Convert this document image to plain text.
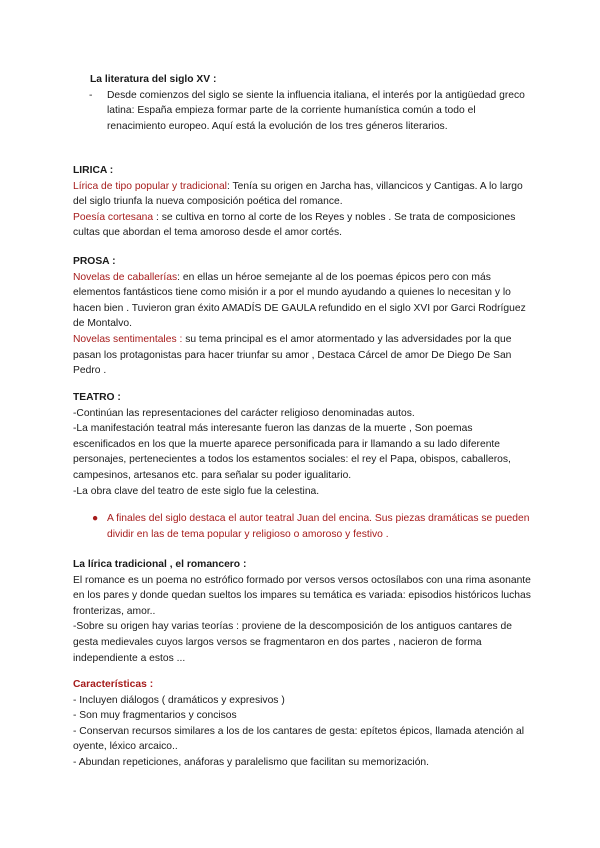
La literatura del siglo XV :

- Desde comienzos del siglo se siente la influencia italiana, el interés por la antigüedad greco latina: España empieza formar parte de la corriente humanística común a todo el renacimiento europeo. Aquí está la evolución de los tres géneros literarios.

LIRICA :

Lírica de tipo popular y tradicional: Tenía su origen en Jarcha has, villancicos y Cantigas. A lo largo del siglo triunfa la nueva composición poética del romance.

Poesía cortesana : se cultiva en torno al corte de los Reyes y nobles . Se trata de composiciones cultas que abordan el tema amoroso desde el amor cortés.

PROSA :

Novelas de caballerías: en ellas un héroe semejante al de los poemas épicos pero con más elementos fantásticos tiene como misión ir a por el mundo ayudando a quienes lo necesitan y lo hacen bien . Tuvieron gran éxito AMADÍS DE GAULA refundido en el siglo XVI por Garci Rodríguez de Montalvo.

Novelas sentimentales : su tema principal es el amor atormentado y las adversidades por la que pasan los protagonistas para hacer triunfar su amor , Destaca Cárcel de amor De Diego De San Pedro .

TEATRO :

-Continúan las representaciones del carácter religioso denominadas autos.

-La manifestación teatral más interesante fueron las danzas de la muerte , Son poemas escenificados en los que la muerte aparece personificada para ir llamando a su lado diferente personajes, pertenecientes a todos los estamentos sociales: el rey el Papa, obispos, caballeros, campesinos, artesanos etc. para señalar su poder igualitario.

-La obra clave del teatro de este siglo fue la celestina.

● A finales del siglo destaca el autor teatral Juan del encina. Sus piezas dramáticas se pueden dividir en las de tema popular y religioso o amoroso y festivo .

La lírica tradicional , el romancero :

El romance es un poema no estrófico formado por versos versos octosílabos con una rima asonante en los pares y donde quedan sueltos los impares su temática es variada: episodios históricos luchas fronterizas, amor..

-Sobre su origen hay varias teorías : proviene de la descomposición de los antiguos cantares de gesta medievales cuyos largos versos se fragmentaron en dos partes , nacieron de forma independiente a estos ...

Características :

- Incluyen diálogos ( dramáticos y expresivos )

- Son muy fragmentarios y concisos

- Conservan recursos similares a los de los cantares de gesta: epítetos épicos, llamada atención al oyente, léxico arcaico..

- Abundan repeticiones, anáforas y paralelismo que facilitan su memorización.
